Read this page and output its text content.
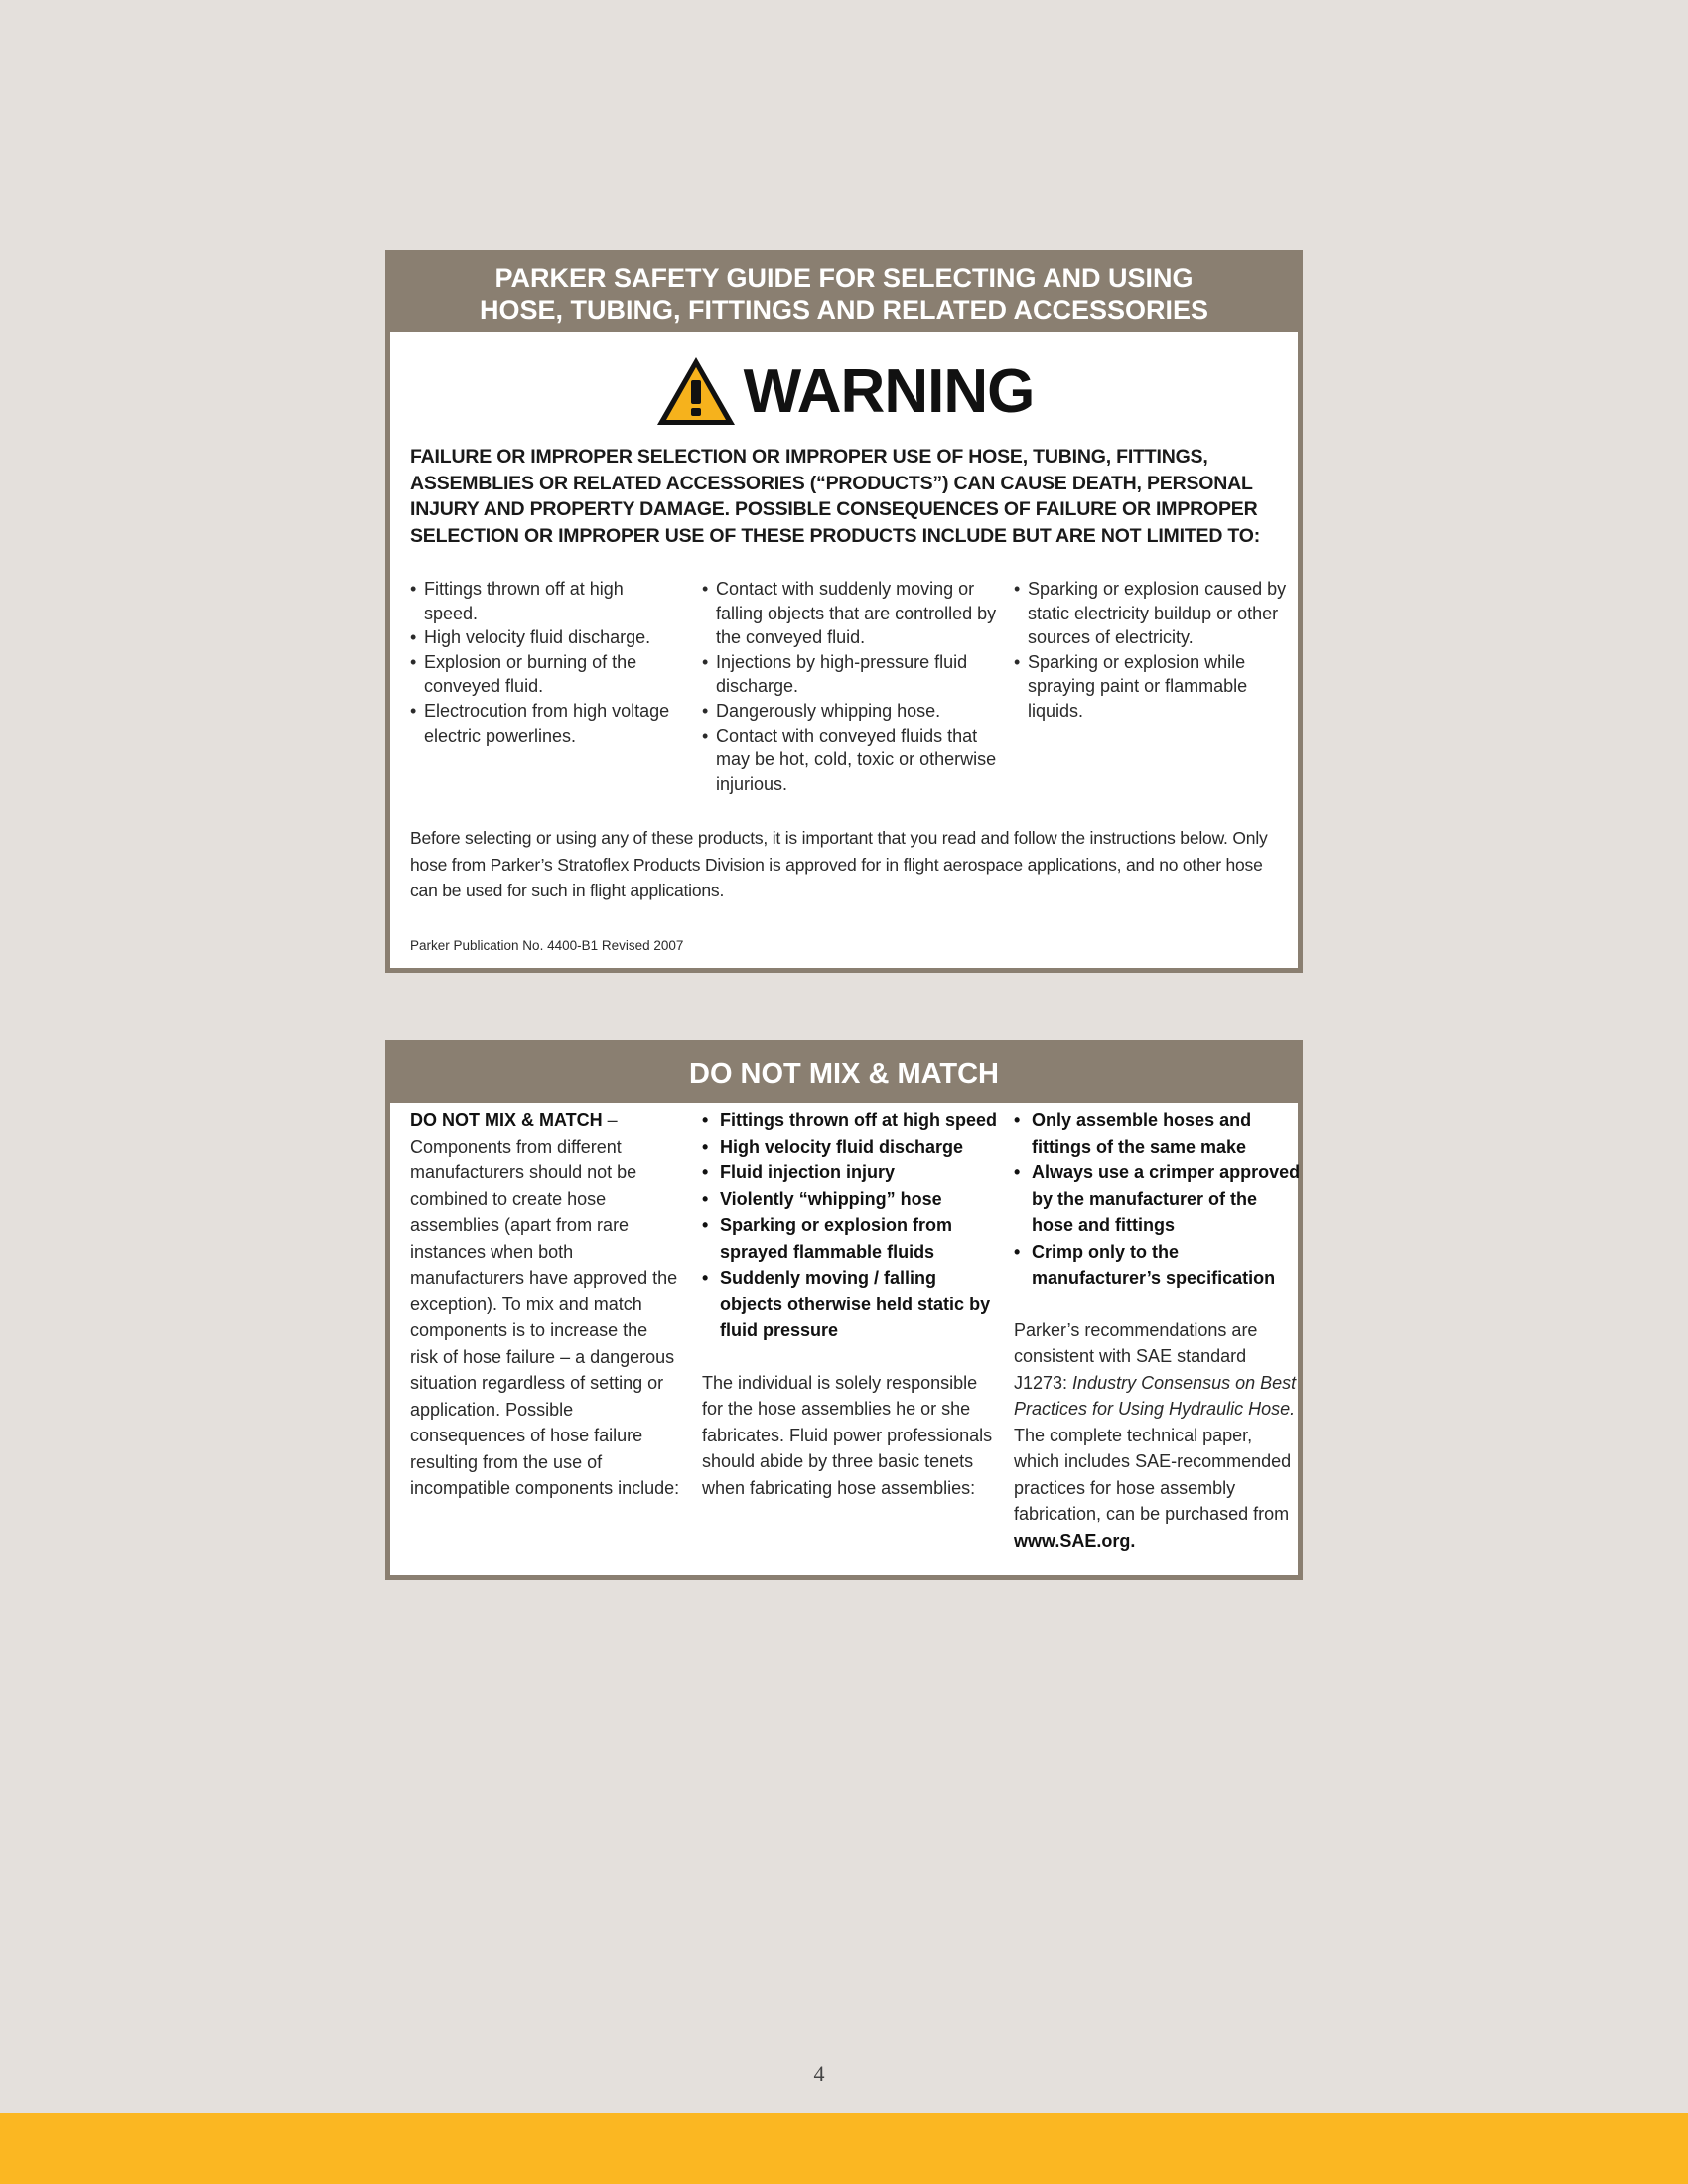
PARKER SAFETY GUIDE FOR SELECTING AND USING
HOSE, TUBING, FITTINGS AND RELATED ACCESSORIES
WARNING
FAILURE OR IMPROPER SELECTION OR IMPROPER USE OF HOSE, TUBING, FITTINGS, ASSEMBLIES OR RELATED ACCESSORIES (“PRODUCTS”) CAN CAUSE DEATH, PERSONAL INJURY AND PROPERTY DAMAGE. POSSIBLE CONSEQUENCES OF FAILURE OR IMPROPER SELECTION OR IMPROPER USE OF THESE PRODUCTS INCLUDE BUT ARE NOT LIMITED TO:
• Fittings thrown off at high speed.
• High velocity fluid discharge.
• Explosion or burning of the conveyed fluid.
• Electrocution from high voltage electric powerlines.
• Contact with suddenly moving or falling objects that are controlled by the conveyed fluid.
• Injections by high-pressure fluid discharge.
• Dangerously whipping hose.
• Contact with conveyed fluids that may be hot, cold, toxic or otherwise injurious.
• Sparking or explosion caused by static electricity buildup or other sources of electricity.
• Sparking or explosion while spraying paint or flammable liquids.
Before selecting or using any of these products, it is important that you read and follow the instructions below. Only hose from Parker’s Stratoflex Products Division is approved for in flight aerospace applications, and no other hose can be used for such in flight applications.
Parker Publication No. 4400-B1 Revised 2007
DO NOT MIX & MATCH
DO NOT MIX & MATCH –
Components from different manufacturers should not be combined to create hose assemblies (apart from rare instances when both manufacturers have approved the exception). To mix and match components is to increase the risk of hose failure – a dangerous situation regardless of setting or application. Possible consequences of hose failure resulting from the use of incompatible components include:
• Fittings thrown off at high speed
• High velocity fluid discharge
• Fluid injection injury
• Violently “whipping” hose
• Sparking or explosion from sprayed flammable fluids
• Suddenly moving / falling objects otherwise held static by fluid pressure
The individual is solely responsible for the hose assemblies he or she fabricates. Fluid power professionals should abide by three basic tenets when fabricating hose assemblies:
• Only assemble hoses and fittings of the same make
• Always use a crimper approved by the manufacturer of the hose and fittings
• Crimp only to the manufacturer’s specification
Parker’s recommendations are consistent with SAE standard J1273: Industry Consensus on Best Practices for Using Hydraulic Hose. The complete technical paper, which includes SAE-recommended practices for hose assembly fabrication, can be purchased from www.SAE.org.
4
